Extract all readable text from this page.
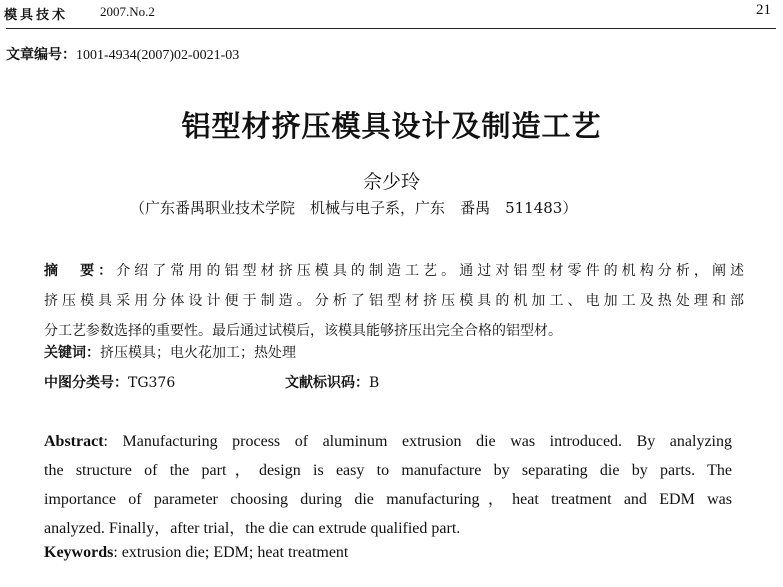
模具技术 2007.No.2	21
文章编号：1001-4934(2007)02-0021-03
铝型材挤压模具设计及制造工艺
佘少玲
（广东番禺职业技术学院　 机械与电子系，广东　 番禺　 511483）
摘　要：介绍了常用的铝型材挤压模具的制造工艺。通过对铝型材零件的机构分析，阐述
挤压模具采用分体设计便于制造。分析了铝型材挤压模具的机加工、电加工及热处理和部
分工艺参数选择的重要性。最后通过试模后，该模具能够挤压出完全合格的铝型材。
关键词：挤压模具；电火花加工；热处理
中图分类号：TG376	文献标识码：B
Abstract: Manufacturing process of aluminum extrusion die was introduced. By analyzing
the structure of the part，design is easy to manufacture by separating die by parts. The
importance of parameter choosing during die manufacturing，heat treatment and EDM was
analyzed. Finally，after trial，the die can extrude qualified part.
Keywords: extrusion die; EDM; heat treatment
